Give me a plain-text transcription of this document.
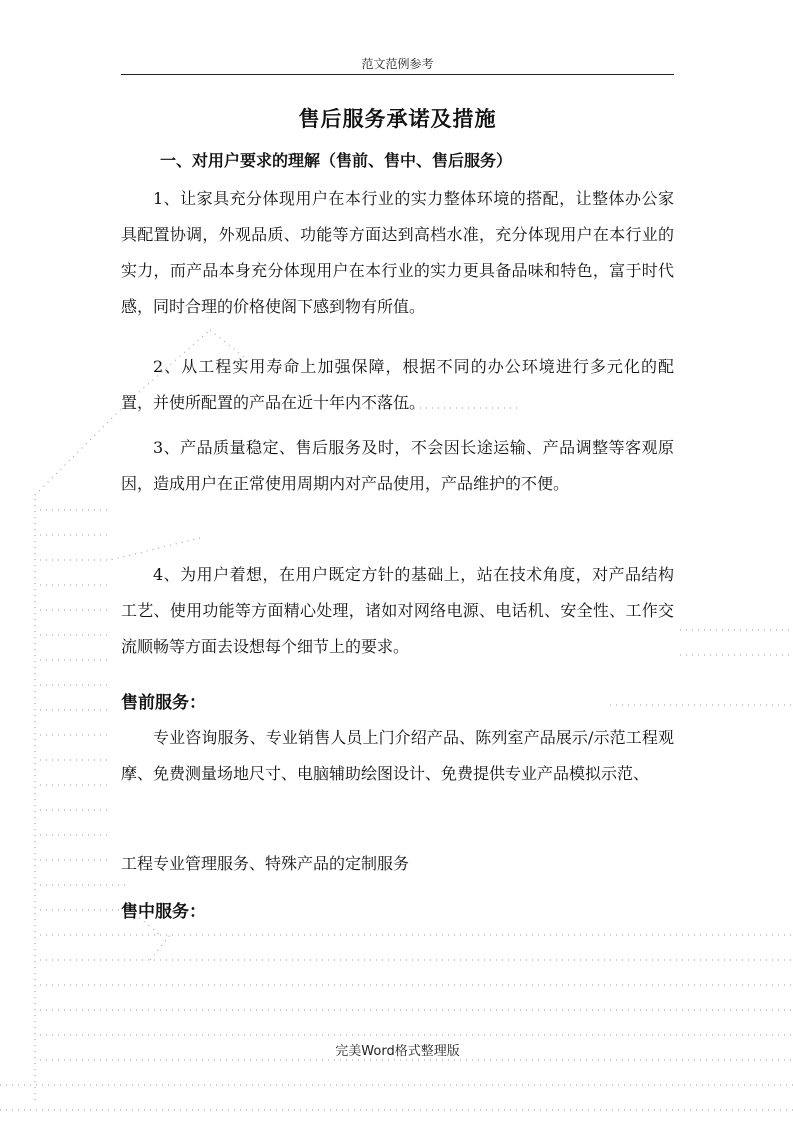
范文范例参考
售后服务承诺及措施
一、对用户要求的理解（售前、售中、售后服务）

1、让家具充分体现用户在本行业的实力整体环境的搭配，让整体办公家具配置协调，外观品质、功能等方面达到高档水准，充分体现用户在本行业的实力，而产品本身充分体现用户在本行业的实力更具备品味和特色，富于时代感，同时合理的价格使阁下感到物有所值。

2、从工程实用寿命上加强保障，根据不同的办公环境进行多元化的配置，并使所配置的产品在近十年内不落伍。

3、产品质量稳定、售后服务及时，不会因长途运输、产品调整等客观原因，造成用户在正常使用周期内对产品使用，产品维护的不便。

4、为用户着想，在用户既定方针的基础上，站在技术角度，对产品结构工艺、使用功能等方面精心处理，诸如对网络电源、电话机、安全性、工作交流顺畅等方面去设想每个细节上的要求。

售前服务：

专业咨询服务、专业销售人员上门介绍产品、陈列室产品展示/示范工程观摩、免费测量场地尺寸、电脑辅助绘图设计、免费提供专业产品模拟示范、

工程专业管理服务、特殊产品的定制服务

售中服务：
完美Word格式整理版
